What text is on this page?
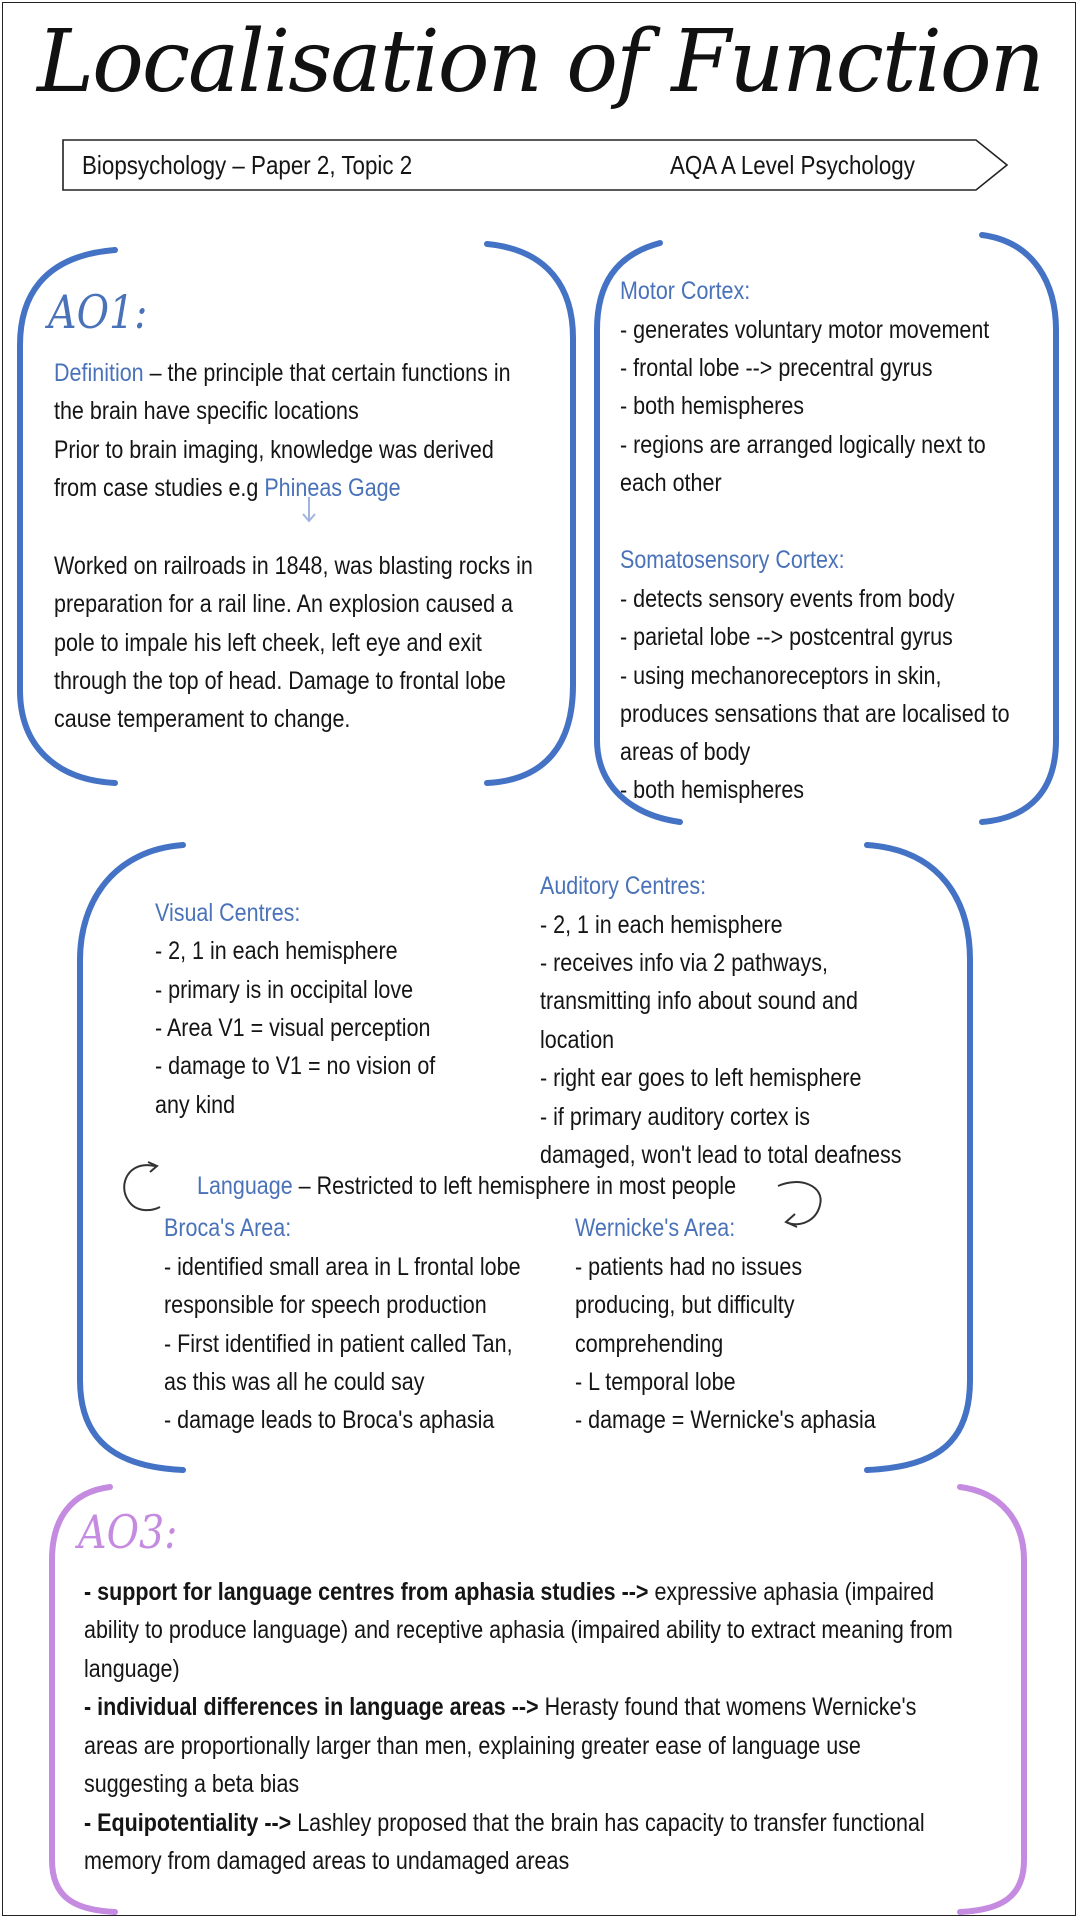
Localisation of Function
Biopsychology – Paper 2, Topic 2	AQA A Level Psychology
AO1:
Definition – the principle that certain functions in
the brain have specific locations
Prior to brain imaging, knowledge was derived
from case studies e.g Phineas Gage
Worked on railroads in 1848, was blasting rocks in
preparation for a rail line. An explosion caused a
pole to impale his left cheek, left eye and exit
through the top of head. Damage to frontal lobe
cause temperament to change.
Motor Cortex:
- generates voluntary motor movement
- frontal lobe --> precentral gyrus
- both hemispheres
- regions are arranged logically next to
each other
Somatosensory Cortex:
- detects sensory events from body
- parietal lobe --> postcentral gyrus
- using mechanoreceptors in skin,
produces sensations that are localised to
areas of body
- both hemispheres
Visual Centres:
- 2, 1 in each hemisphere
- primary is in occipital love
- Area V1 = visual perception
- damage to V1 = no vision of
any kind
Auditory Centres:
- 2, 1 in each hemisphere
- receives info via 2 pathways,
transmitting info about sound and
location
- right ear goes to left hemisphere
- if primary auditory cortex is
damaged, won't lead to total deafness
Language – Restricted to left hemisphere in most people
Broca's Area:
- identified small area in L frontal lobe
responsible for speech production
- First identified in patient called Tan,
as this was all he could say
- damage leads to Broca's aphasia
Wernicke's Area:
- patients had no issues
producing, but difficulty
comprehending
- L temporal lobe
- damage = Wernicke's aphasia
AO3:
- support for language centres from aphasia studies --> expressive aphasia (impaired
ability to produce language) and receptive aphasia (impaired ability to extract meaning from
language)
- individual differences in language areas --> Herasty found that womens Wernicke's
areas are proportionally larger than men, explaining greater ease of language use
suggesting a beta bias
- Equipotentiality --> Lashley proposed that the brain has capacity to transfer functional
memory from damaged areas to undamaged areas
